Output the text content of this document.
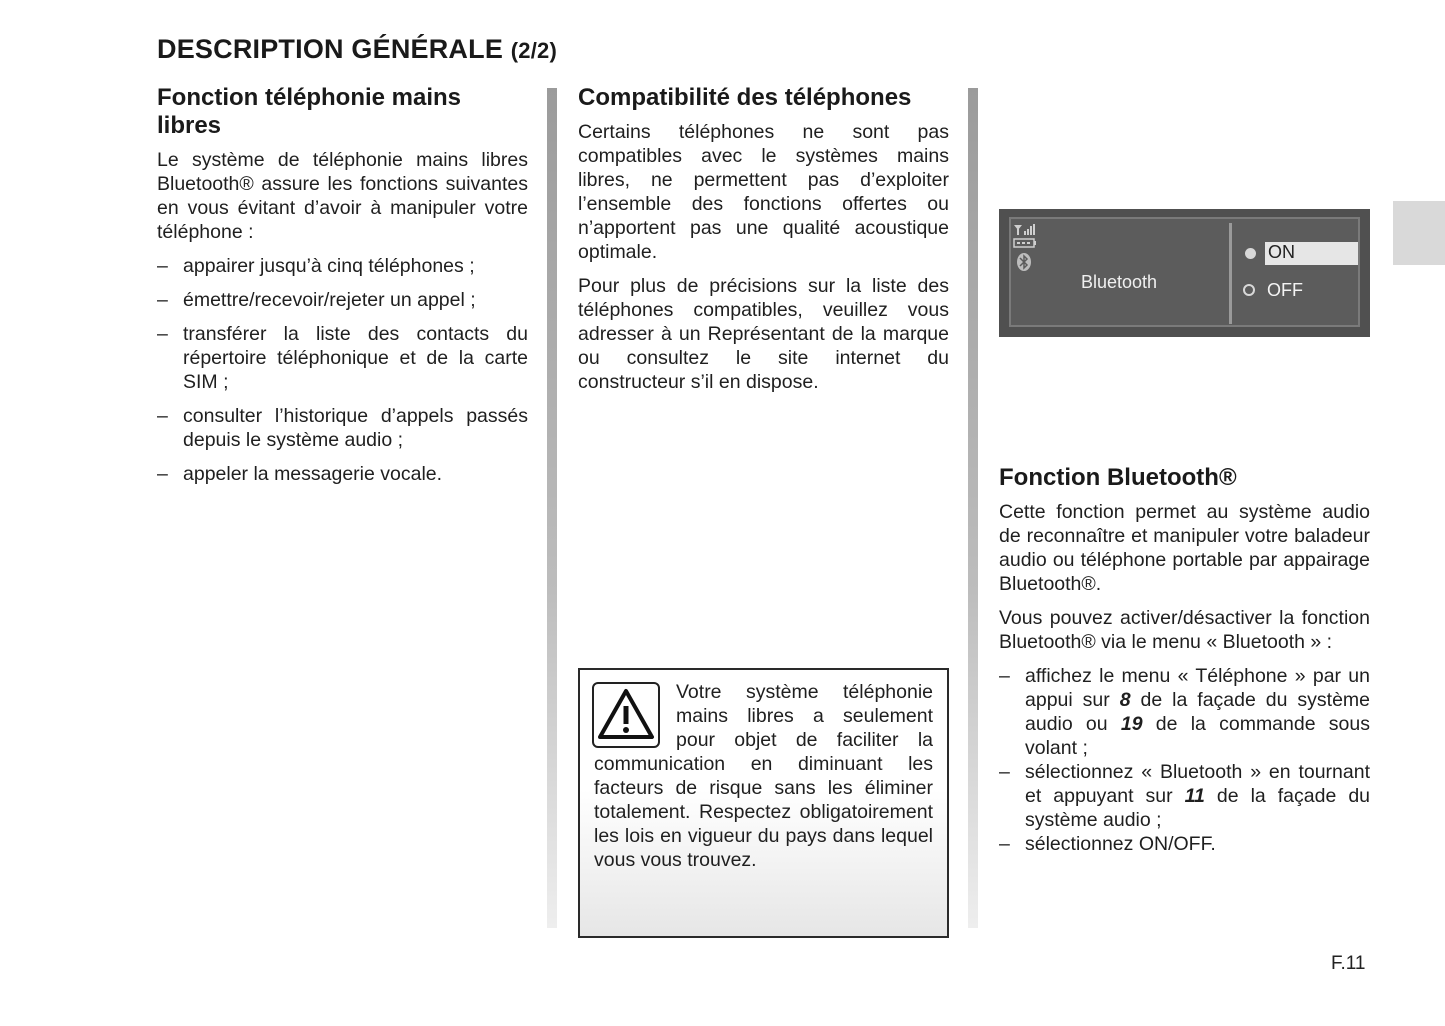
DESCRIPTION GÉNÉRALE (2/2)
Fonction téléphonie mains libres

Le système de téléphonie mains libres Bluetooth® assure les fonctions suivantes en vous évitant d’avoir à manipuler votre téléphone :

– appairer jusqu’à cinq téléphones ;
– émettre/recevoir/rejeter un appel ;
– transférer la liste des contacts du répertoire téléphonique et de la carte SIM ;
– consulter l’historique d’appels passés depuis le système audio ;
– appeler la messagerie vocale.
Compatibilité des téléphones

Certains téléphones ne sont pas compatibles avec le systèmes mains libres, ne permettent pas d’exploiter l’ensemble des fonctions offertes ou n’apportent pas une qualité acoustique optimale.

Pour plus de précisions sur la liste des téléphones compatibles, veuillez vous adresser à un Représentant de la marque ou consultez le site internet du constructeur s’il en dispose.

Votre système téléphonie mains libres a seulement pour objet de faciliter la communication en diminuant les facteurs de risque sans les éliminer totalement. Respectez obligatoirement les lois en vigueur du pays dans lequel vous vous trouvez.

Bluetooth
ON
OFF
Fonction Bluetooth®

Cette fonction permet au système audio de reconnaître et manipuler votre baladeur audio ou téléphone portable par appairage Bluetooth®.

Vous pouvez activer/désactiver la fonction Bluetooth® via le menu « Bluetooth » :

– affichez le menu « Téléphone » par un appui sur 8 de la façade du système audio ou 19 de la commande sous volant ;
– sélectionnez « Bluetooth » en tournant et appuyant sur 11 de la façade du système audio ;
– sélectionnez ON/OFF.
F.11
